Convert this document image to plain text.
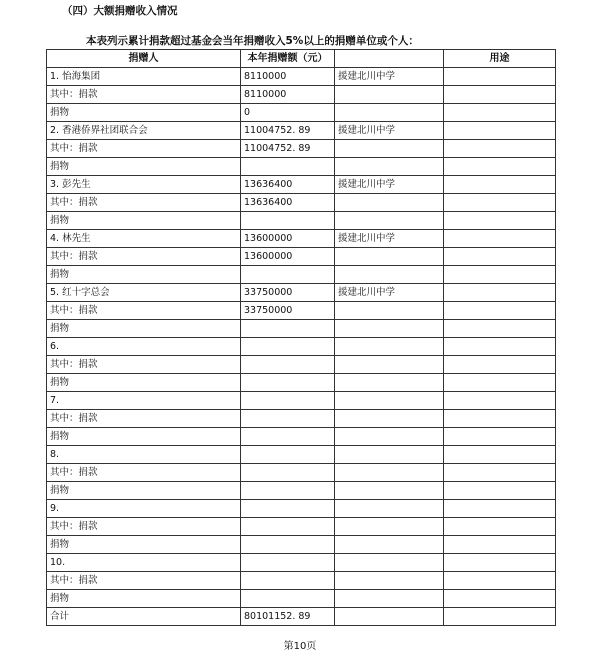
（四）大额捐赠收入情况
本表列示累计捐款超过基金会当年捐赠收入5%以上的捐赠单位或个人：
捐赠人	本年捐赠额（元）		用途
1. 怡海集团	8110000	援建北川中学	
其中：捐款	8110000		
捐物	0		
2. 香港侨界社团联合会	11004752. 89	援建北川中学	
其中：捐款	11004752. 89		
捐物			
3. 彭先生	13636400	援建北川中学	
其中：捐款	13636400		
捐物			
4. 林先生	13600000	援建北川中学	
其中：捐款	13600000		
捐物			
5. 红十字总会	33750000	援建北川中学	
其中：捐款	33750000		
捐物			
6.			
其中：捐款			
捐物			
7.			
其中：捐款			
捐物			
8.			
其中：捐款			
捐物			
9.			
其中：捐款			
捐物			
10.			
其中：捐款			
捐物			
合计	80101152. 89		
第10页
